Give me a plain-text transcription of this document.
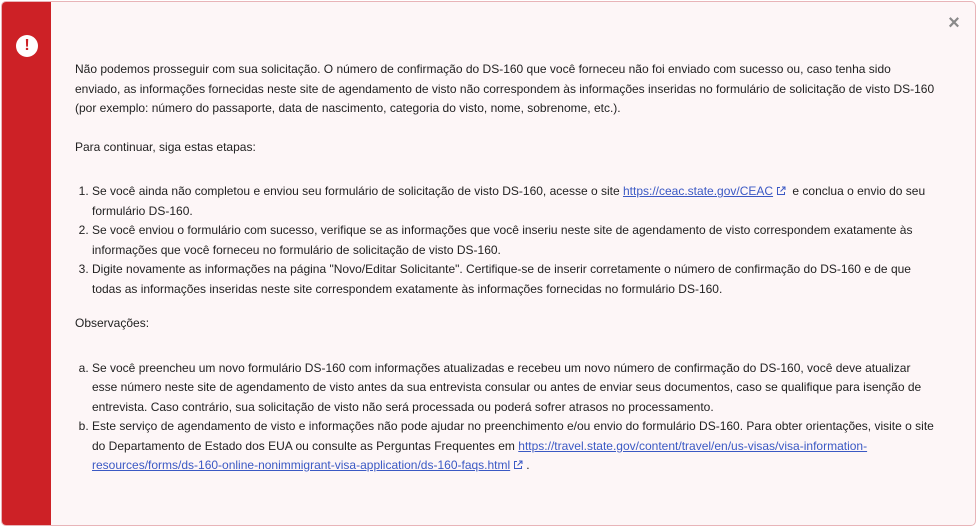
!
×

Não podemos prosseguir com sua solicitação. O número de confirmação do DS-160 que você forneceu não foi enviado com sucesso ou, caso tenha sido enviado, as informações fornecidas neste site de agendamento de visto não correspondem às informações inseridas no formulário de solicitação de visto DS-160 (por exemplo: número do passaporte, data de nascimento, categoria do visto, nome, sobrenome, etc.).

Para continuar, siga estas etapas:

1. Se você ainda não completou e enviou seu formulário de solicitação de visto DS-160, acesse o site https://ceac.state.gov/CEAC e conclua o envio do seu formulário DS-160.
2. Se você enviou o formulário com sucesso, verifique se as informações que você inseriu neste site de agendamento de visto correspondem exatamente às informações que você forneceu no formulário de solicitação de visto DS-160.
3. Digite novamente as informações na página "Novo/Editar Solicitante". Certifique-se de inserir corretamente o número de confirmação do DS-160 e de que todas as informações inseridas neste site correspondem exatamente às informações fornecidas no formulário DS-160.

Observações:

a. Se você preencheu um novo formulário DS-160 com informações atualizadas e recebeu um novo número de confirmação do DS-160, você deve atualizar esse número neste site de agendamento de visto antes da sua entrevista consular ou antes de enviar seus documentos, caso se qualifique para isenção de entrevista. Caso contrário, sua solicitação de visto não será processada ou poderá sofrer atrasos no processamento.
b. Este serviço de agendamento de visto e informações não pode ajudar no preenchimento e/ou envio do formulário DS-160. Para obter orientações, visite o site do Departamento de Estado dos EUA ou consulte as Perguntas Frequentes em https://travel.state.gov/content/travel/en/us-visas/visa-information-resources/forms/ds-160-online-nonimmigrant-visa-application/ds-160-faqs.html .
